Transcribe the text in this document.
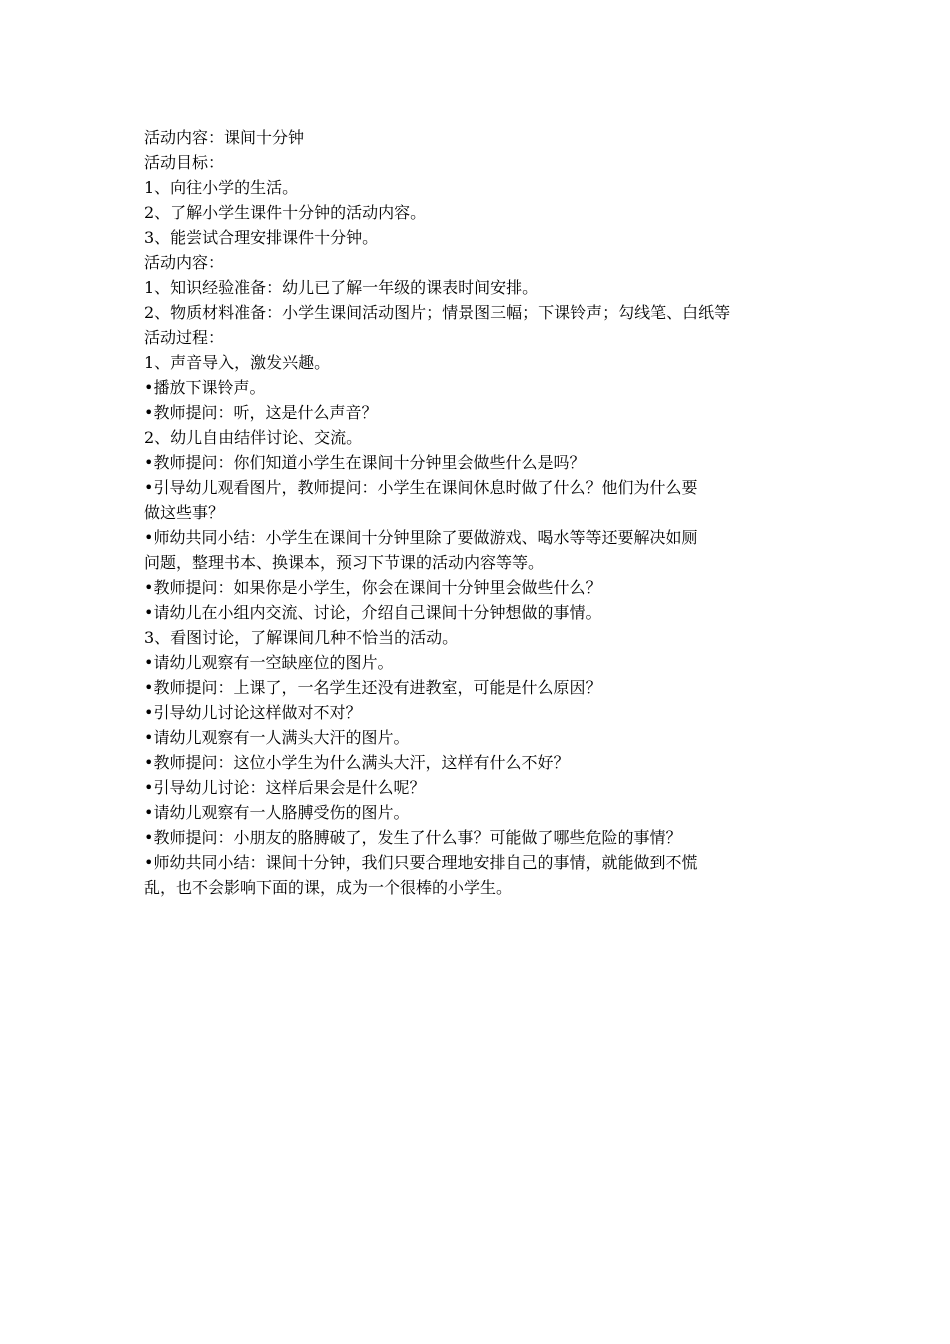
活动内容：课间十分钟
活动目标：
1、向往小学的生活。
2、了解小学生课件十分钟的活动内容。
3、能尝试合理安排课件十分钟。
活动内容：
1、知识经验准备：幼儿已了解一年级的课表时间安排。
2、物质材料准备：小学生课间活动图片；情景图三幅；下课铃声；勾线笔、白纸等
活动过程：
1、声音导入，激发兴趣。
•播放下课铃声。
•教师提问：听，这是什么声音？
2、幼儿自由结伴讨论、交流。
•教师提问：你们知道小学生在课间十分钟里会做些什么是吗？
•引导幼儿观看图片，教师提问：小学生在课间休息时做了什么？他们为什么要
做这些事？
•师幼共同小结：小学生在课间十分钟里除了要做游戏、喝水等等还要解决如厕
问题，整理书本、换课本，预习下节课的活动内容等等。
•教师提问：如果你是小学生，你会在课间十分钟里会做些什么？
•请幼儿在小组内交流、讨论，介绍自己课间十分钟想做的事情。
3、看图讨论，了解课间几种不恰当的活动。
•请幼儿观察有一空缺座位的图片。
•教师提问：上课了，一名学生还没有进教室，可能是什么原因？
•引导幼儿讨论这样做对不对？
•请幼儿观察有一人满头大汗的图片。
•教师提问：这位小学生为什么满头大汗，这样有什么不好？
•引导幼儿讨论：这样后果会是什么呢？
•请幼儿观察有一人胳膊受伤的图片。
•教师提问：小朋友的胳膊破了，发生了什么事？可能做了哪些危险的事情？
•师幼共同小结：课间十分钟，我们只要合理地安排自己的事情，就能做到不慌
乱，也不会影响下面的课，成为一个很棒的小学生。
